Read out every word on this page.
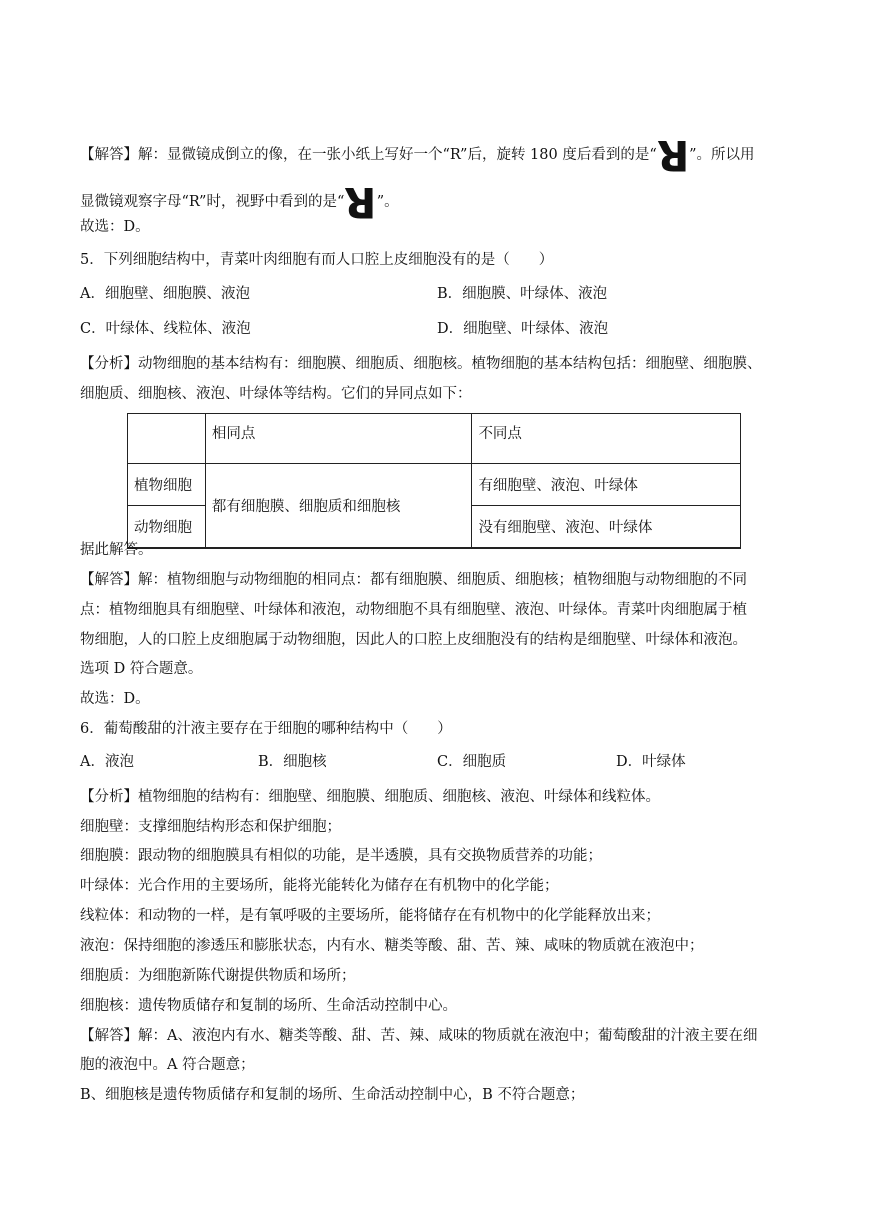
【解答】解：显微镜成倒立的像，在一张小纸上写好一个“R”后，旋转 180 度后看到的是“R”。所以用
显微镜观察字母“R”时，视野中看到的是“R”。
故选：D。
5．下列细胞结构中，青菜叶肉细胞有而人口腔上皮细胞没有的是（　　）
A．细胞壁、细胞膜、液泡	B．细胞膜、叶绿体、液泡
C．叶绿体、线粒体、液泡	D．细胞壁、叶绿体、液泡
【分析】动物细胞的基本结构有：细胞膜、细胞质、细胞核。植物细胞的基本结构包括：细胞壁、细胞膜、
细胞质、细胞核、液泡、叶绿体等结构。它们的异同点如下：
	相同点	不同点
植物细胞	都有细胞膜、细胞质和细胞核	有细胞壁、液泡、叶绿体
动物细胞		没有细胞壁、液泡、叶绿体
据此解答。
【解答】解：植物细胞与动物细胞的相同点：都有细胞膜、细胞质、细胞核；植物细胞与动物细胞的不同
点：植物细胞具有细胞壁、叶绿体和液泡，动物细胞不具有细胞壁、液泡、叶绿体。青菜叶肉细胞属于植
物细胞，人的口腔上皮细胞属于动物细胞，因此人的口腔上皮细胞没有的结构是细胞壁、叶绿体和液泡。
选项 D 符合题意。
故选：D。
6．葡萄酸甜的汁液主要存在于细胞的哪种结构中（　　）
A．液泡	B．细胞核	C．细胞质	D．叶绿体
【分析】植物细胞的结构有：细胞壁、细胞膜、细胞质、细胞核、液泡、叶绿体和线粒体。
细胞壁：支撑细胞结构形态和保护细胞；
细胞膜：跟动物的细胞膜具有相似的功能，是半透膜，具有交换物质营养的功能；
叶绿体：光合作用的主要场所，能将光能转化为储存在有机物中的化学能；
线粒体：和动物的一样，是有氧呼吸的主要场所，能将储存在有机物中的化学能释放出来；
液泡：保持细胞的渗透压和膨胀状态，内有水、糖类等酸、甜、苦、辣、咸味的物质就在液泡中；
细胞质：为细胞新陈代谢提供物质和场所；
细胞核：遗传物质储存和复制的场所、生命活动控制中心。
【解答】解：A、液泡内有水、糖类等酸、甜、苦、辣、咸味的物质就在液泡中；葡萄酸甜的汁液主要在细
胞的液泡中。A 符合题意；
B、细胞核是遗传物质储存和复制的场所、生命活动控制中心，B 不符合题意；
